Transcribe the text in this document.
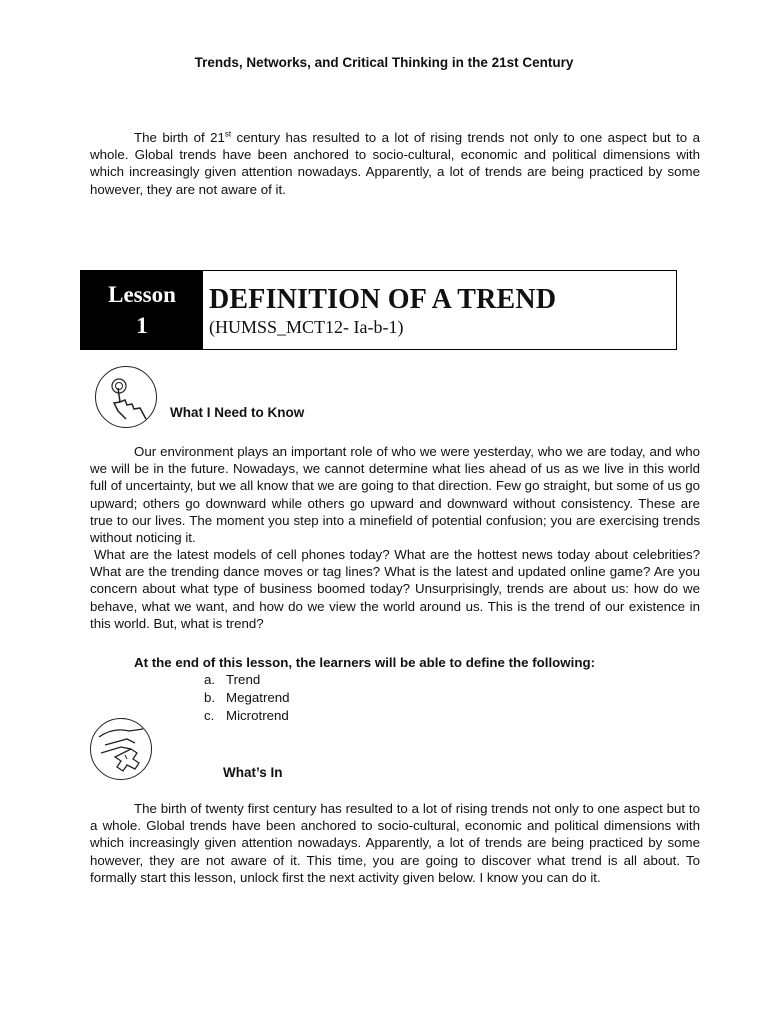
Trends, Networks, and Critical Thinking in the 21st Century

The birth of 21st century has resulted to a lot of rising trends not only to one aspect but to a whole. Global trends have been anchored to socio-cultural, economic and political dimensions with which increasingly given attention nowadays. Apparently, a lot of trends are being practiced by some however, they are not aware of it.

Lesson
1
DEFINITION OF A TREND
(HUMSS_MCT12- Ia-b-1)
What I Need to Know

Our environment plays an important role of who we were yesterday, who we are today, and who we will be in the future. Nowadays, we cannot determine what lies ahead of us as we live in this world full of uncertainty, but we all know that we are going to that direction. Few go straight, but some of us go upward; others go downward while others go upward and downward without consistency. These are true to our lives. The moment you step into a minefield of potential confusion; you are exercising trends without noticing it.

What are the latest models of cell phones today? What are the hottest news today about celebrities? What are the trending dance moves or tag lines? What is the latest and updated online game? Are you concern about what type of business boomed today? Unsurprisingly, trends are about us: how do we behave, what we want, and how do we view the world around us. This is the trend of our existence in this world. But, what is trend?

At the end of this lesson, the learners will be able to define the following:
a. Trend
b. Megatrend
c. Microtrend
What’s In

The birth of twenty first century has resulted to a lot of rising trends not only to one aspect but to a whole. Global trends have been anchored to socio-cultural, economic and political dimensions with which increasingly given attention nowadays. Apparently, a lot of trends are being practiced by some however, they are not aware of it. This time, you are going to discover what trend is all about. To formally start this lesson, unlock first the next activity given below. I know you can do it.
